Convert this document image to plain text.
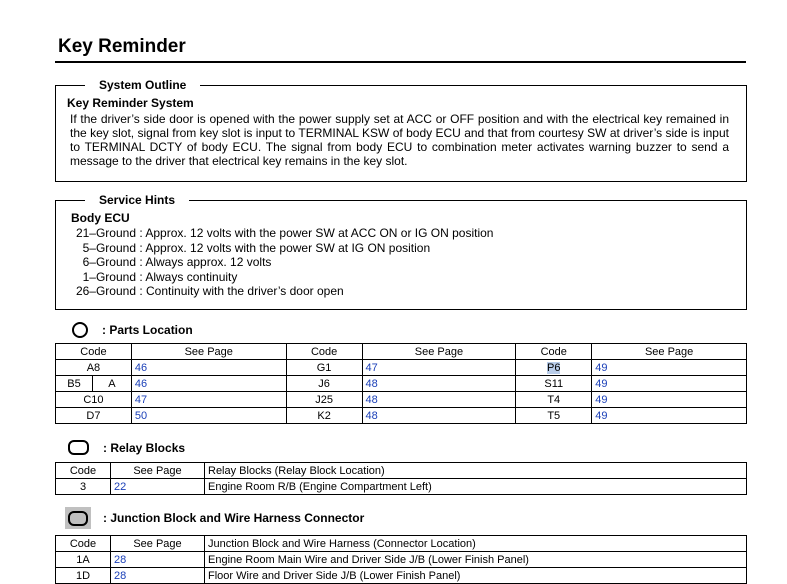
Key Reminder
System Outline
Key Reminder System
If the driver’s side door is opened with the power supply set at ACC or OFF position and with the electrical key remained in the key slot, signal from key slot is input to TERMINAL KSW of body ECU and that from courtesy SW at driver’s side is input to TERMINAL DCTY of body ECU. The signal from body ECU to combination meter activates warning buzzer to send a message to the driver that electrical key remains in the key slot.
Service Hints
Body ECU
21–Ground : Approx. 12 volts with the power SW at ACC ON or IG ON position
5–Ground : Approx. 12 volts with the power SW at IG ON position
6–Ground : Always approx. 12 volts
1–Ground : Always continuity
26–Ground : Continuity with the driver’s door open
: Parts Location
Code		See Page	Code	See Page	Code	See Page
A8		46	G1	47	P6	49
B5	A	46	J6	48	S11	49
C10		47	J25	48	T4	49
D7		50	K2	48	T5	49
: Relay Blocks
Code	See Page	Relay Blocks (Relay Block Location)
3	22	Engine Room R/B (Engine Compartment Left)
: Junction Block and Wire Harness Connector
Code	See Page	Junction Block and Wire Harness (Connector Location)
1A	28	Engine Room Main Wire and Driver Side J/B (Lower Finish Panel)
1D	28	Floor Wire and Driver Side J/B (Lower Finish Panel)
